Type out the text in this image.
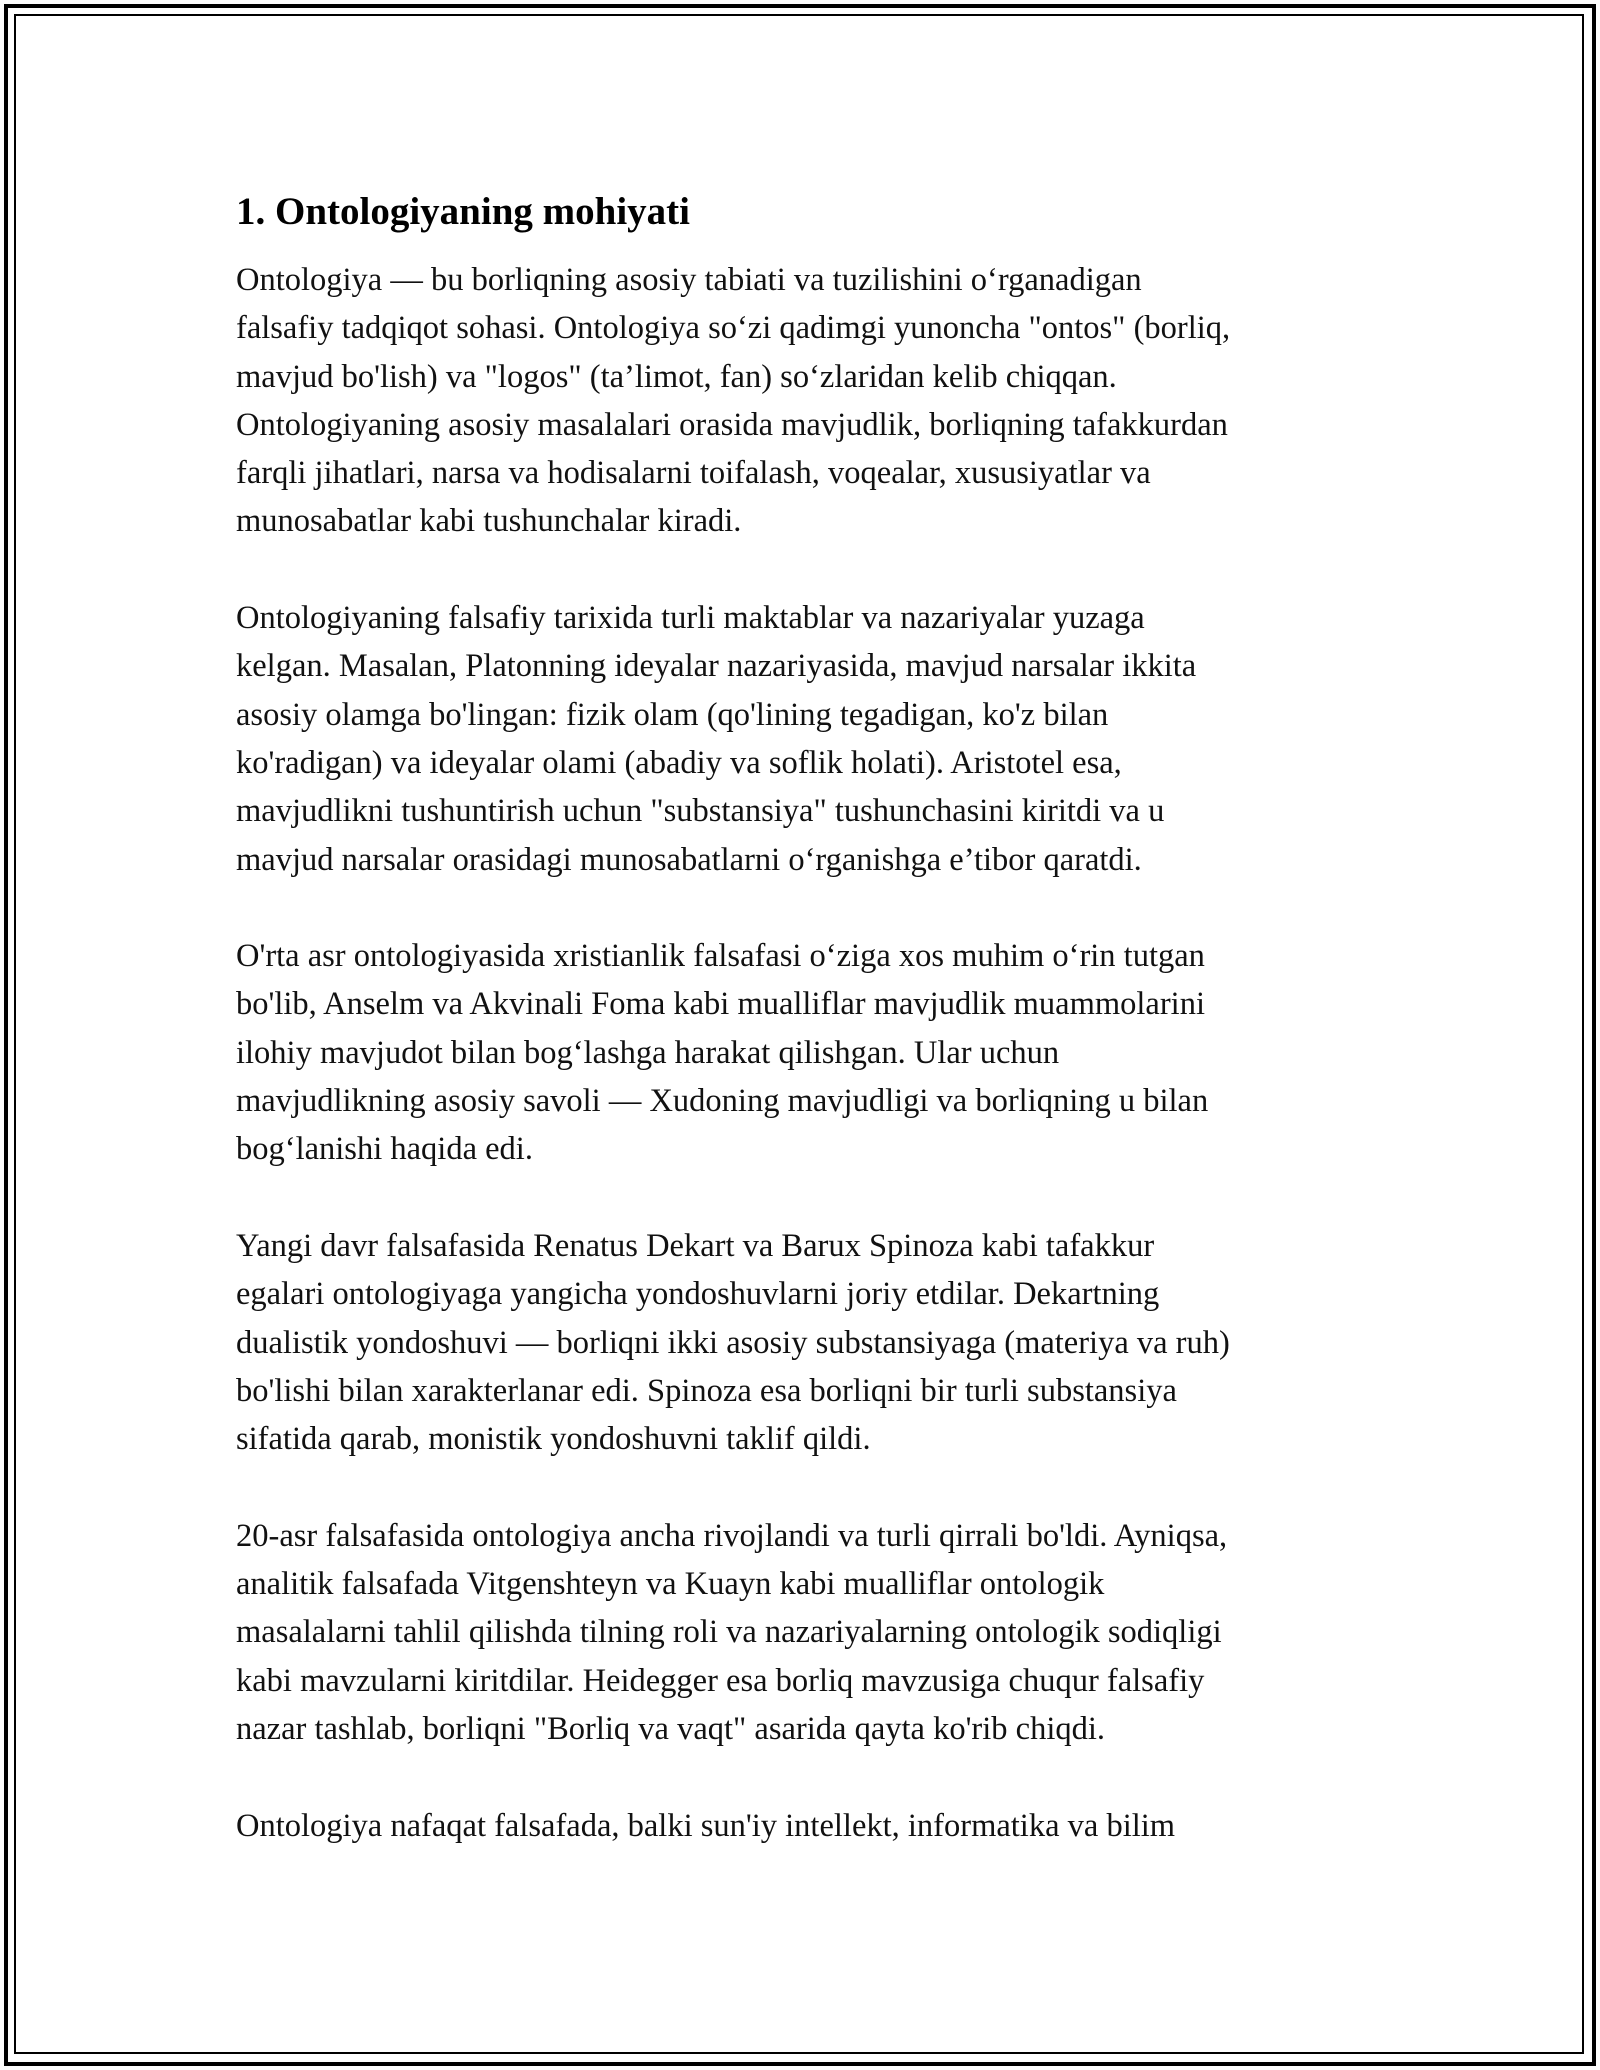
1. Ontologiyaning mohiyati

Ontologiya — bu borliqning asosiy tabiati va tuzilishini o‘rganadigan
falsafiy tadqiqot sohasi. Ontologiya so‘zi qadimgi yunoncha "ontos" (borliq,
mavjud bo'lish) va "logos" (ta’limot, fan) so‘zlaridan kelib chiqqan.
Ontologiyaning asosiy masalalari orasida mavjudlik, borliqning tafakkurdan
farqli jihatlari, narsa va hodisalarni toifalash, voqealar, xususiyatlar va
munosabatlar kabi tushunchalar kiradi.

Ontologiyaning falsafiy tarixida turli maktablar va nazariyalar yuzaga
kelgan. Masalan, Platonning ideyalar nazariyasida, mavjud narsalar ikkita
asosiy olamga bo'lingan: fizik olam (qo'lining tegadigan, ko'z bilan
ko'radigan) va ideyalar olami (abadiy va soflik holati). Aristotel esa,
mavjudlikni tushuntirish uchun "substansiya" tushunchasini kiritdi va u
mavjud narsalar orasidagi munosabatlarni o‘rganishga e’tibor qaratdi.

O'rta asr ontologiyasida xristianlik falsafasi o‘ziga xos muhim o‘rin tutgan
bo'lib, Anselm va Akvinali Foma kabi mualliflar mavjudlik muammolarini
ilohiy mavjudot bilan bog‘lashga harakat qilishgan. Ular uchun
mavjudlikning asosiy savoli — Xudoning mavjudligi va borliqning u bilan
bog‘lanishi haqida edi.

Yangi davr falsafasida Renatus Dekart va Barux Spinoza kabi tafakkur
egalari ontologiyaga yangicha yondoshuvlarni joriy etdilar. Dekartning
dualistik yondoshuvi — borliqni ikki asosiy substansiyaga (materiya va ruh)
bo'lishi bilan xarakterlanar edi. Spinoza esa borliqni bir turli substansiya
sifatida qarab, monistik yondoshuvni taklif qildi.

20-asr falsafasida ontologiya ancha rivojlandi va turli qirrali bo'ldi. Ayniqsa,
analitik falsafada Vitgenshteyn va Kuayn kabi mualliflar ontologik
masalalarni tahlil qilishda tilning roli va nazariyalarning ontologik sodiqligi
kabi mavzularni kiritdilar. Heidegger esa borliq mavzusiga chuqur falsafiy
nazar tashlab, borliqni "Borliq va vaqt" asarida qayta ko'rib chiqdi.

Ontologiya nafaqat falsafada, balki sun'iy intellekt, informatika va bilim
